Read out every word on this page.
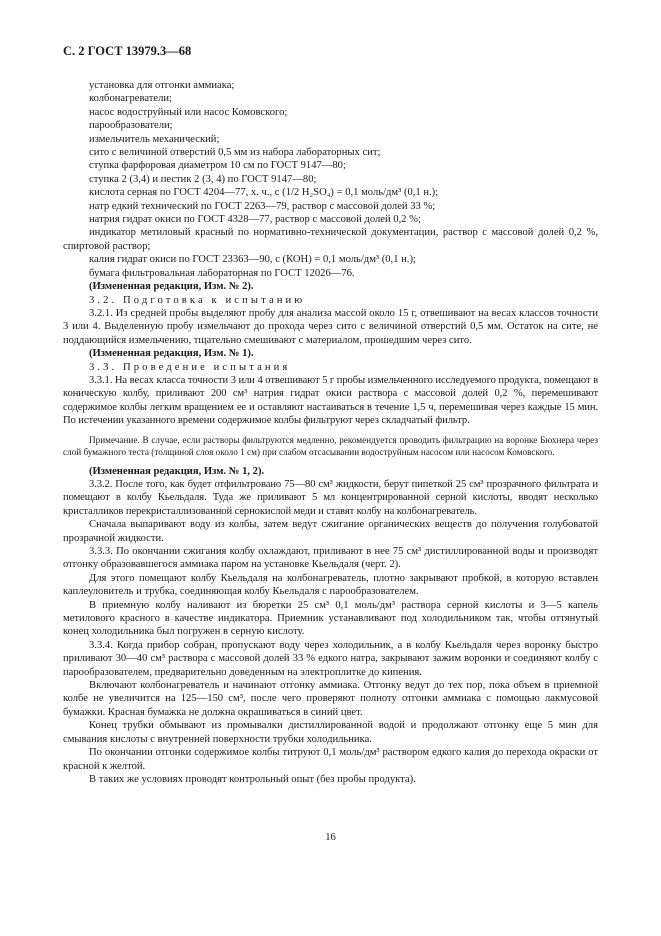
С. 2 ГОСТ 13979.3—68

установка для отгонки аммиака;

колбонагреватели;

насос водоструйный или насос Комовского;

парообразователи;

измельчитель механический;

сито с величиной отверстий 0,5 мм из набора лабораторных сит;

ступка фарфоровая диаметром 10 см по ГОСТ 9147—80;

ступка 2 (3,4) и пестик 2 (3, 4) по ГОСТ 9147—80;

кислота серная по ГОСТ 4204—77, х. ч., с (1/2 H₂SO₄) = 0,1 моль/дм³ (0,1 н.);

натр едкий технический по ГОСТ 2263—79, раствор с массовой долей 33 %;

натрия гидрат окиси по ГОСТ 4328—77, раствор с массовой долей 0,2 %;

индикатор метиловый красный по нормативно-технической документации, раствор с массовой долей 0,2 %, спиртовой раствор;

калия гидрат окиси по ГОСТ 23363—90, с (КОН) = 0,1 моль/дм³ (0,1 н.);

бумага фильтровальная лабораторная по ГОСТ 12026—76.

(Измененная редакция, Изм. № 2).

3.2. Подготовка к испытанию

3.2.1. Из средней пробы выделяют пробу для анализа массой около 15 г, отвешивают на весах классов точности 3 или 4. Выделенную пробу измельчают до прохода через сито с величиной отверстий 0,5 мм. Остаток на сите, не поддающийся измельчению, тщательно смешивают с материалом, прошедшим через сито.

(Измененная редакция, Изм. № 1).

3.3. Проведение испытания

3.3.1. На весах класса точности 3 или 4 отвешивают 5 г пробы измельченного исследуемого продукта, помещают в коническую колбу, приливают 200 см³ натрия гидрат окиси раствора с массовой долей 0,2 %, перемешивают содержимое колбы легким вращением ее и оставляют настаиваться в течение 1,5 ч, перемешивая через каждые 15 мин. По истечении указанного времени содержимое колбы фильтруют через складчатый фильтр.

Примечание. В случае, если растворы фильтруются медленно, рекомендуется проводить фильтрацию на воронке Бюхнера через слой бумажного теста (толщиной слоя около 1 см) при слабом отсасывании водоструйным насосом или насосом Комовского.

(Измененная редакция, Изм. № 1, 2).

3.3.2. После того, как будет отфильтровано 75—80 см³ жидкости, берут пипеткой 25 см³ прозрачного фильтрата и помещают в колбу Кьельдаля. Туда же приливают 5 мл концентрированной серной кислоты, вводят несколько кристалликов перекристаллизованной сернокислой меди и ставят колбу на колбонагреватель.

Сначала выпаривают воду из колбы, затем ведут сжигание органических веществ до получения голубоватой прозрачной жидкости.

3.3.3. По окончании сжигания колбу охлаждают, приливают в нее 75 см³ дистиллированной воды и производят отгонку образовавшегося аммиака паром на установке Кьельдаля (черт. 2).

Для этого помещают колбу Кьельдаля на колбонагреватель, плотно закрывают пробкой, в которую вставлен каплеуловитель и трубка, соединяющая колбу Кьельдаля с парообразователем.

В приемную колбу наливают из бюретки 25 см³ 0,1 моль/дм³ раствора серной кислоты и 3—5 капель метилового красного в качестве индикатора. Приемник устанавливают под холодильником так, чтобы оттянутый конец холодильника был погружен в серную кислоту.

3.3.4. Когда прибор собран, пропускают воду через холодильник, а в колбу Кьельдаля через воронку быстро приливают 30—40 см³ раствора с массовой долей 33 % едкого натра, закрывают зажим воронки и соединяют колбу с парообразователем, предварительно доведенным на электроплитке до кипения.

Включают колбонагреватель и начинают отгонку аммиака. Отгонку ведут до тех пор, пока объем в приемной колбе не увеличится на 125—150 см³, после чего проверяют полноту отгонки аммиака с помощью лакмусовой бумажки. Красная бумажка не должна окрашиваться в синий цвет.

Конец трубки обмывают из промывалки дистиллированной водой и продолжают отгонку еще 5 мин для смывания кислоты с внутренней поверхности трубки холодильника.

По окончании отгонки содержимое колбы титруют 0,1 моль/дм³ раствором едкого калия до перехода окраски от красной к желтой.

В таких же условиях проводят контрольный опыт (без пробы продукта).

16
